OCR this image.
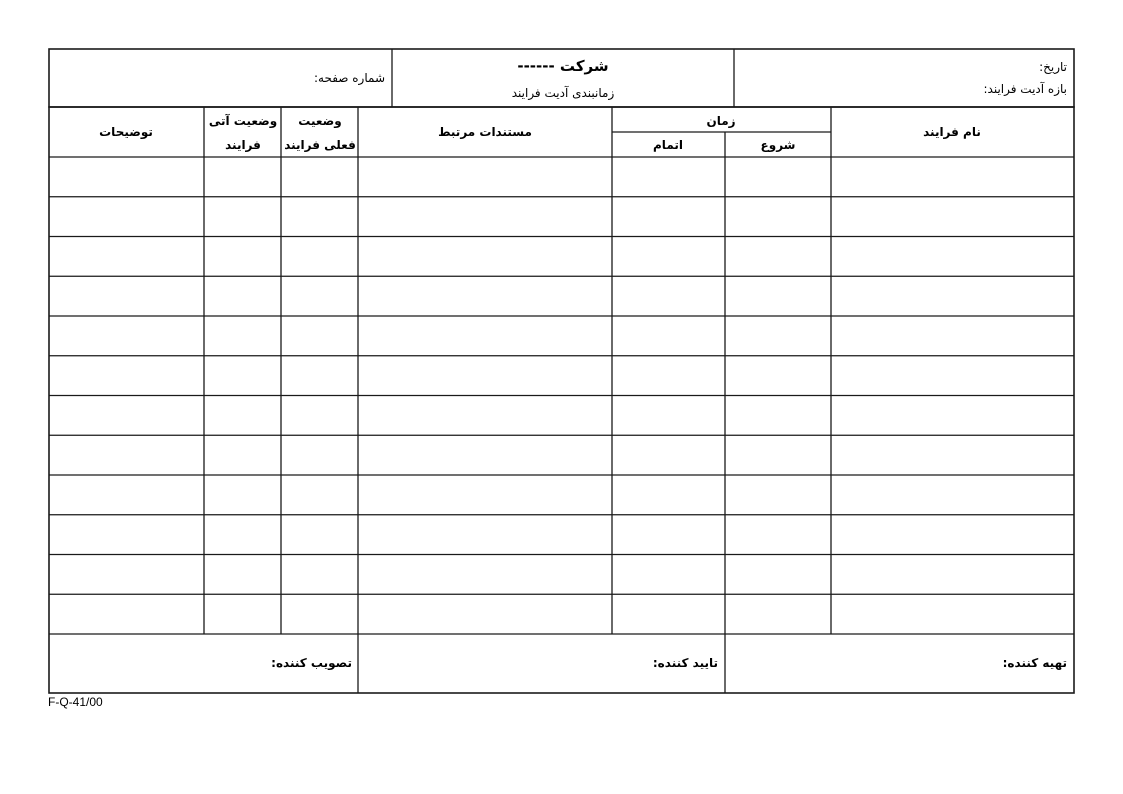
تاریخ:
بازه آدیت فرایند:
شرکت ------
زمانبندی آدیت فرایند
شماره صفحه:
نام فرایند
زمان
شروع
اتمام
مستندات مرتبط
وضعیت
فعلی فرایند
وضعیت آتی
فرایند
توضیحات
تهیه کننده:
تایید کننده:
تصویب کننده:
F-Q-41/00
